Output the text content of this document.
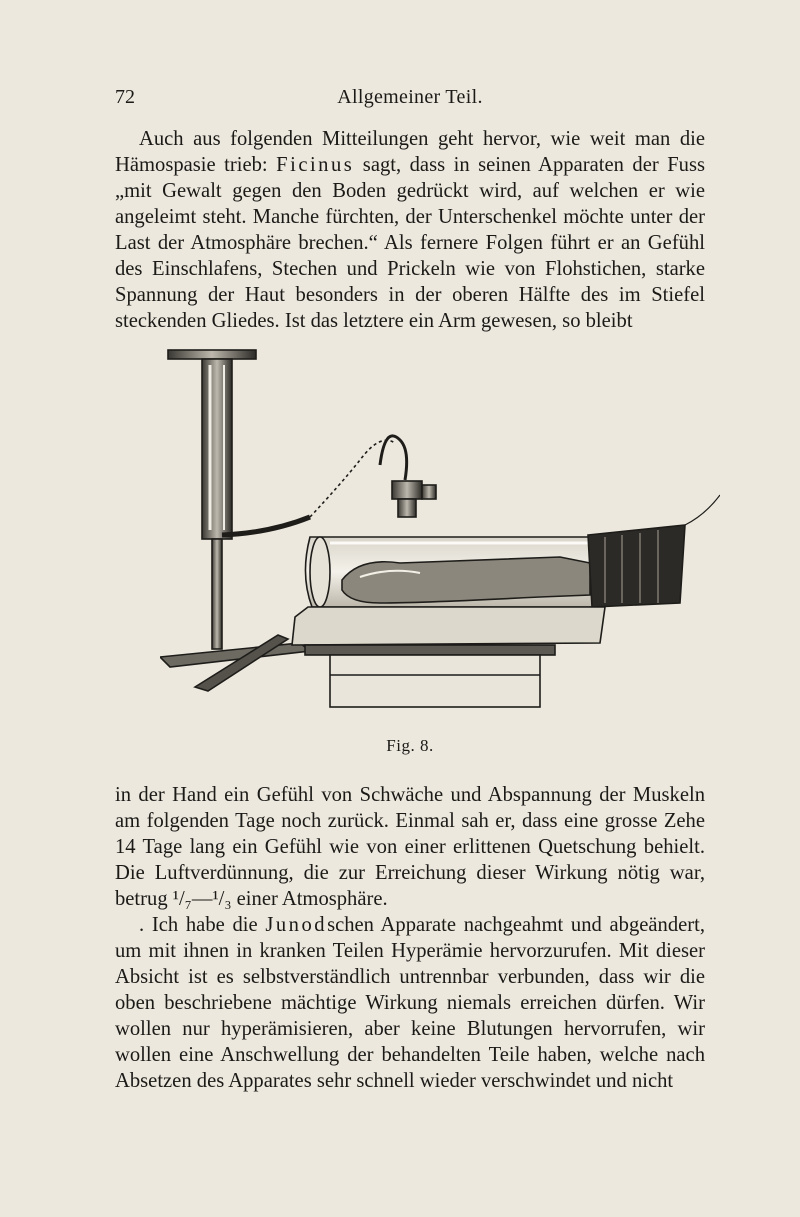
72	Allgemeiner Teil.

Auch aus folgenden Mitteilungen geht hervor, wie weit man die Hämospasie trieb: Ficinus sagt, dass in seinen Apparaten der Fuss „mit Gewalt gegen den Boden gedrückt wird, auf welchen er wie angeleimt steht. Manche fürchten, der Unterschenkel möchte unter der Last der Atmosphäre brechen.“ Als fernere Folgen führt er an Gefühl des Einschlafens, Stechen und Prickeln wie von Flohstichen, starke Spannung der Haut besonders in der oberen Hälfte des im Stiefel steckenden Gliedes. Ist das letztere ein Arm gewesen, so bleibt

Fig. 8.

in der Hand ein Gefühl von Schwäche und Abspannung der Muskeln am folgenden Tage noch zurück. Einmal sah er, dass eine grosse Zehe 14 Tage lang ein Gefühl wie von einer erlittenen Quetschung behielt. Die Luftverdünnung, die zur Erreichung dieser Wirkung nötig war, betrug ¹/₇—¹/₃ einer Atmosphäre.

. Ich habe die Junodschen Apparate nachgeahmt und abgeändert, um mit ihnen in kranken Teilen Hyperämie hervorzurufen. Mit dieser Absicht ist es selbstverständlich untrennbar verbunden, dass wir die oben beschriebene mächtige Wirkung niemals erreichen dürfen. Wir wollen nur hyperämisieren, aber keine Blutungen hervorrufen, wir wollen eine Anschwellung der behandelten Teile haben, welche nach Absetzen des Apparates sehr schnell wieder verschwindet und nicht
